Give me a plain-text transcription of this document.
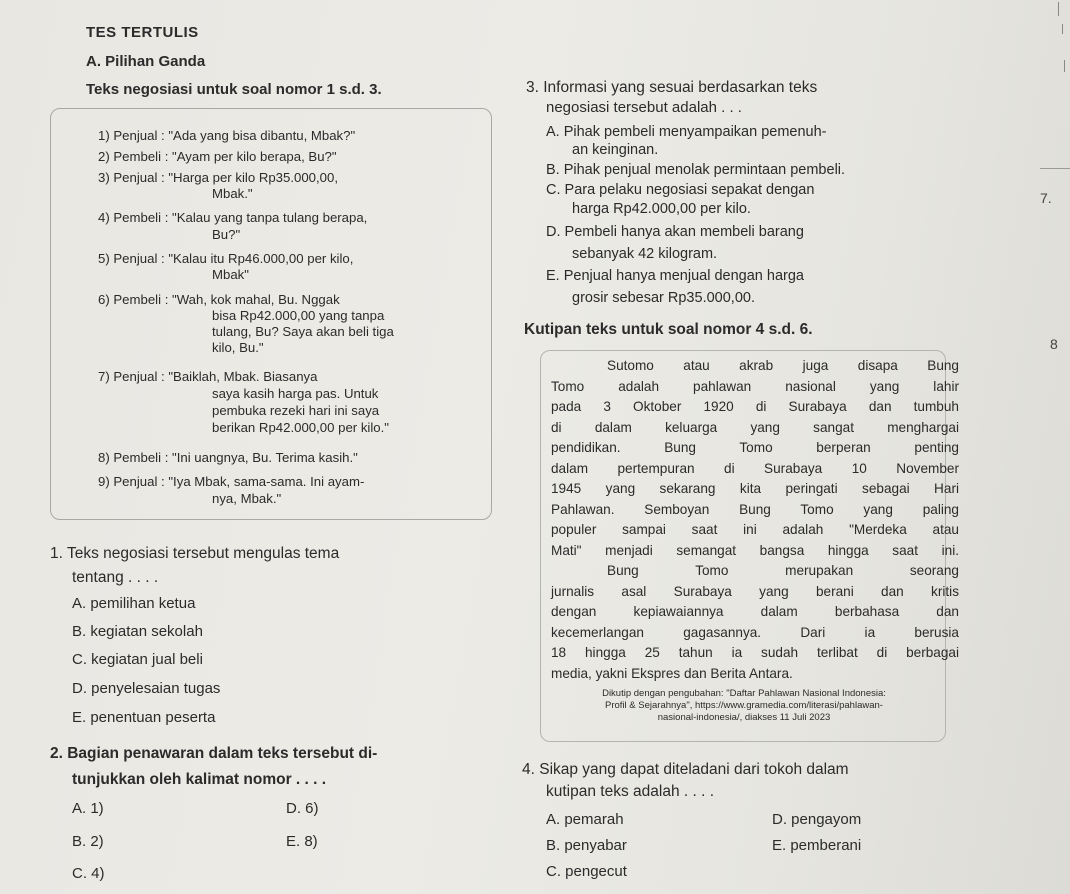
TES TERTULIS
A. Pilihan Ganda
Teks negosiasi untuk soal nomor 1 s.d. 3.
1) Penjual : "Ada yang bisa dibantu, Mbak?"
2) Pembeli : "Ayam per kilo berapa, Bu?"
3) Penjual : "Harga per kilo Rp35.000,00,
Mbak."
4) Pembeli : "Kalau yang tanpa tulang berapa,
Bu?"
5) Penjual : "Kalau itu Rp46.000,00 per kilo,
Mbak"
6) Pembeli : "Wah, kok mahal, Bu. Nggak
bisa Rp42.000,00 yang tanpa
tulang, Bu? Saya akan beli tiga
kilo, Bu."
7) Penjual : "Baiklah, Mbak. Biasanya
saya kasih harga pas. Untuk
pembuka rezeki hari ini saya
berikan Rp42.000,00 per kilo."
8) Pembeli : "Ini uangnya, Bu. Terima kasih."
9) Penjual : "Iya Mbak, sama-sama. Ini ayam-
nya, Mbak."
1. Teks negosiasi tersebut mengulas tema
tentang . . . .
A. pemilihan ketua
B. kegiatan sekolah
C. kegiatan jual beli
D. penyelesaian tugas
E. penentuan peserta
2. Bagian penawaran dalam teks tersebut di-
tunjukkan oleh kalimat nomor . . . .
A. 1)	D. 6)
B. 2)	E. 8)
C. 4)
3. Informasi yang sesuai berdasarkan teks
negosiasi tersebut adalah . . .
A. Pihak pembeli menyampaikan pemenuh-
an keinginan.
B. Pihak penjual menolak permintaan pembeli.
C. Para pelaku negosiasi sepakat dengan
harga Rp42.000,00 per kilo.
D. Pembeli hanya akan membeli barang
sebanyak 42 kilogram.
E. Penjual hanya menjual dengan harga
grosir sebesar Rp35.000,00.
Kutipan teks untuk soal nomor 4 s.d. 6.
Sutomo atau akrab juga disapa Bung
Tomo adalah pahlawan nasional yang lahir
pada 3 Oktober 1920 di Surabaya dan tumbuh
di dalam keluarga yang sangat menghargai
pendidikan. Bung Tomo berperan penting
dalam pertempuran di Surabaya 10 November
1945 yang sekarang kita peringati sebagai Hari
Pahlawan. Semboyan Bung Tomo yang paling
populer sampai saat ini adalah "Merdeka atau
Mati" menjadi semangat bangsa hingga saat ini.
Bung Tomo merupakan seorang
jurnalis asal Surabaya yang berani dan kritis
dengan kepiawaiannya dalam berbahasa dan
kecemerlangan gagasannya. Dari ia berusia
18 hingga 25 tahun ia sudah terlibat di berbagai
media, yakni Ekspres dan Berita Antara.
Dikutip dengan pengubahan: "Daftar Pahlawan Nasional Indonesia:
Profil & Sejarahnya", https://www.gramedia.com/literasi/pahlawan-
nasional-indonesia/, diakses 11 Juli 2023
4. Sikap yang dapat diteladani dari tokoh dalam
kutipan teks adalah . . . .
A. pemarah	D. pengayom
B. penyabar	E. pemberani
C. pengecut
7.
8
